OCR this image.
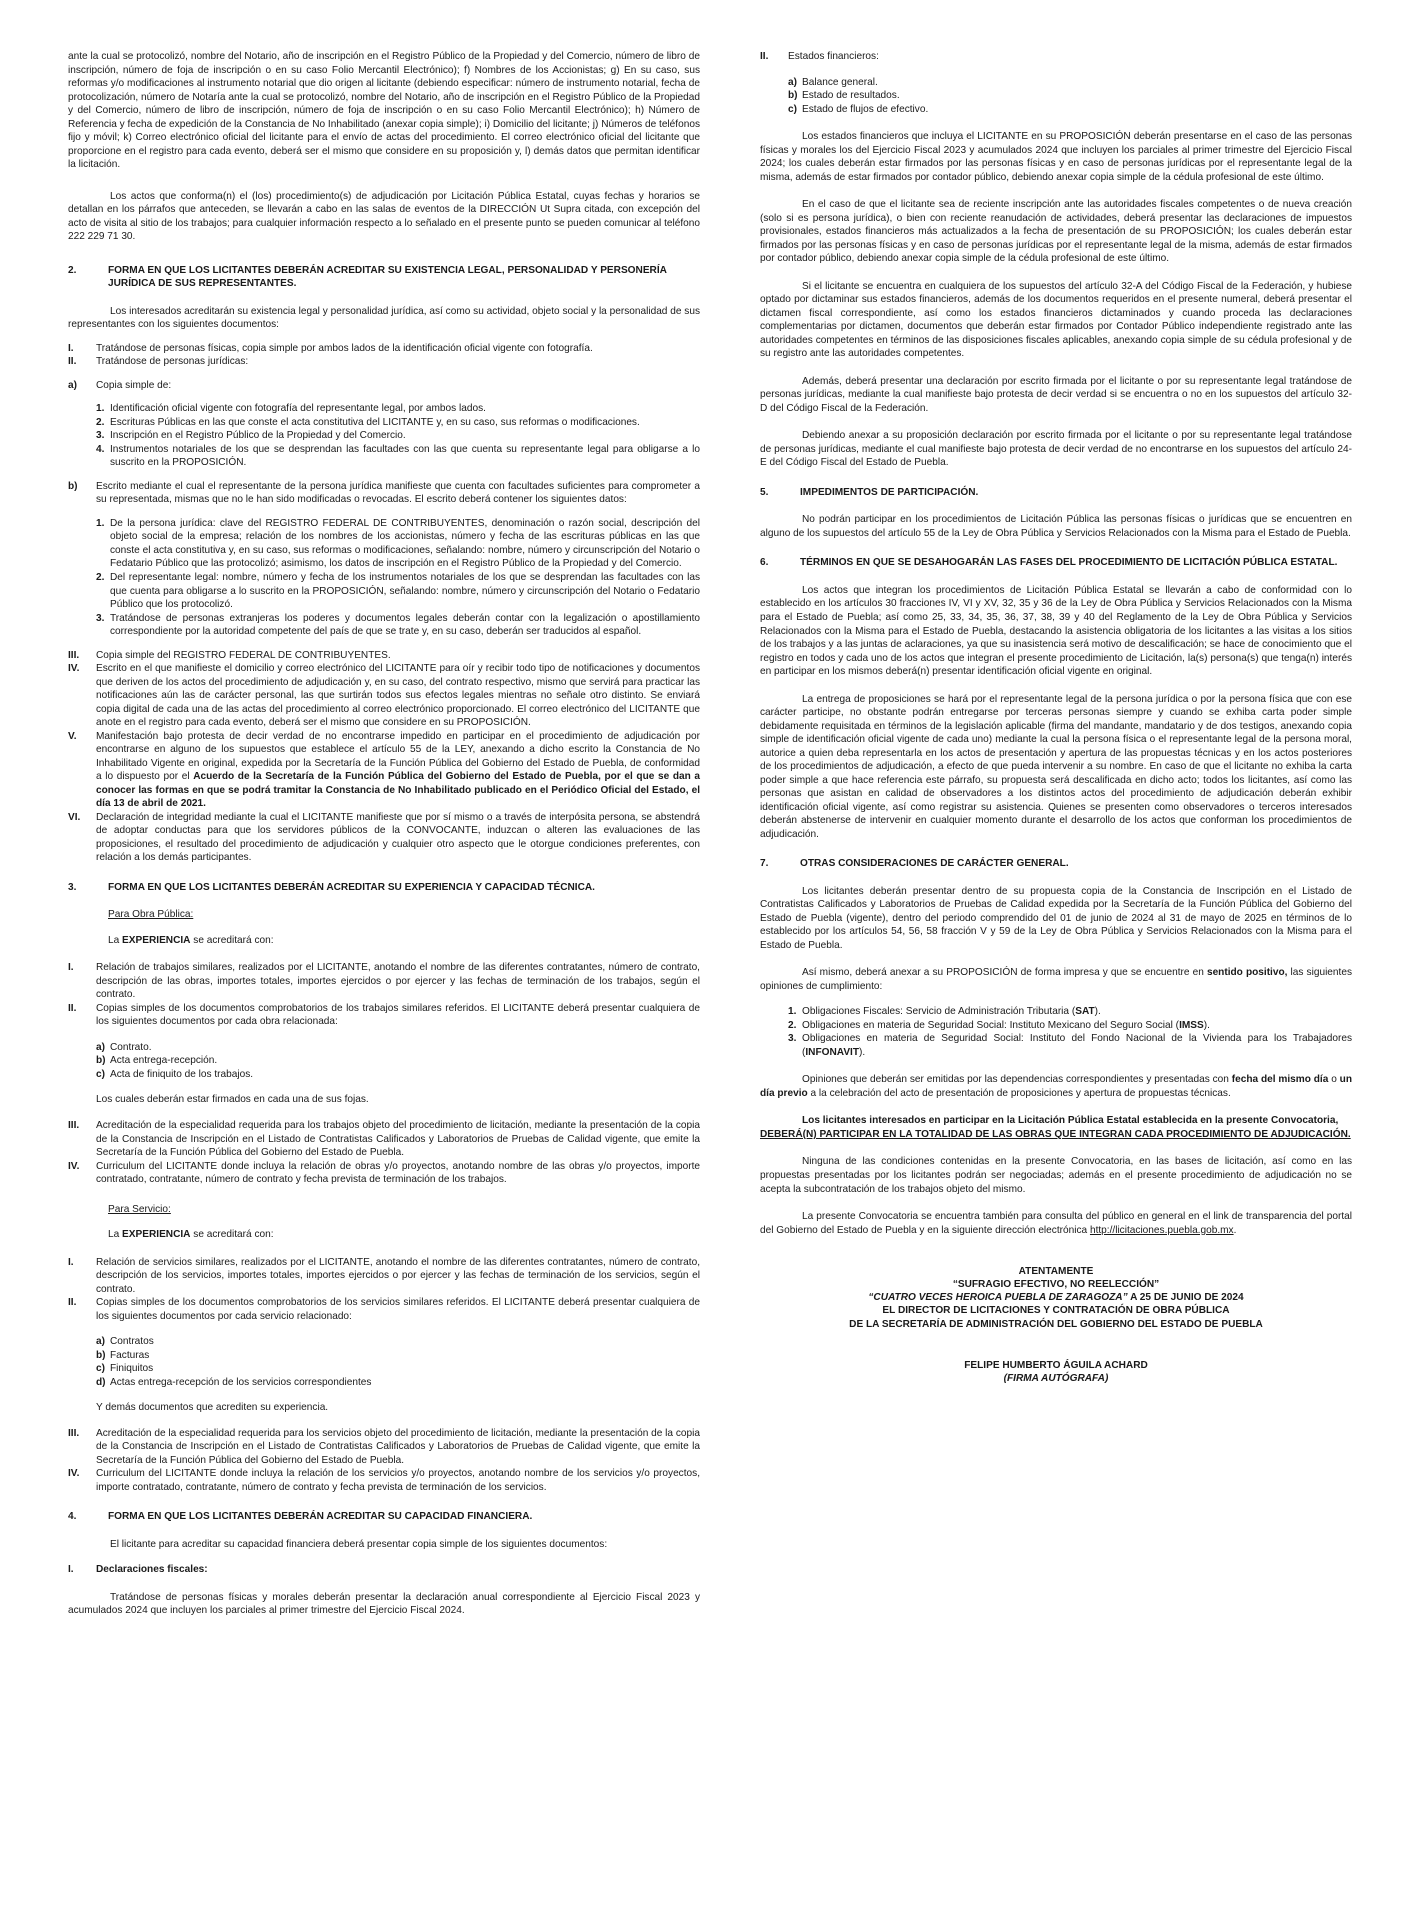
ante la cual se protocolizó, nombre del Notario, año de inscripción en el Registro Público de la Propiedad y del Comercio, número de libro de inscripción, número de foja de inscripción o en su caso Folio Mercantil Electrónico); f) Nombres de los Accionistas; g) En su caso, sus reformas y/o modificaciones al instrumento notarial que dio origen al licitante (debiendo especificar: número de instrumento notarial, fecha de protocolización, número de Notaría ante la cual se protocolizó, nombre del Notario, año de inscripción en el Registro Público de la Propiedad y del Comercio, número de libro de inscripción, número de foja de inscripción o en su caso Folio Mercantil Electrónico); h) Número de Referencia y fecha de expedición de la Constancia de No Inhabilitado (anexar copia simple); i) Domicilio del licitante; j) Números de teléfonos fijo y móvil; k) Correo electrónico oficial del licitante para el envío de actas del procedimiento. El correo electrónico oficial del licitante que proporcione en el registro para cada evento, deberá ser el mismo que considere en su proposición y, l) demás datos que permitan identificar la licitación.

Los actos que conforma(n) el (los) procedimiento(s) de adjudicación por Licitación Pública Estatal, cuyas fechas y horarios se detallan en los párrafos que anteceden, se llevarán a cabo en las salas de eventos de la DIRECCIÓN Ut Supra citada, con excepción del acto de visita al sitio de los trabajos; para cualquier información respecto a lo señalado en el presente punto se pueden comunicar al teléfono 222 229 71 30.

2.	FORMA EN QUE LOS LICITANTES DEBERÁN ACREDITAR SU EXISTENCIA LEGAL, PERSONALIDAD Y PERSONERÍA JURÍDICA DE SUS REPRESENTANTES.

Los interesados acreditarán su existencia legal y personalidad jurídica, así como su actividad, objeto social y la personalidad de sus representantes con los siguientes documentos:

I.	Tratándose de personas físicas, copia simple por ambos lados de la identificación oficial vigente con fotografía.
II.	Tratándose de personas jurídicas:
a)	Copia simple de:
1. Identificación oficial vigente con fotografía del representante legal, por ambos lados.
2. Escrituras Públicas en las que conste el acta constitutiva del LICITANTE y, en su caso, sus reformas o modificaciones.
3. Inscripción en el Registro Público de la Propiedad y del Comercio.
4. Instrumentos notariales de los que se desprendan las facultades con las que cuenta su representante legal para obligarse a lo suscrito en la PROPOSICIÓN.
b)	Escrito mediante el cual el representante de la persona jurídica manifieste que cuenta con facultades suficientes para comprometer a su representada, mismas que no le han sido modificadas o revocadas. El escrito deberá contener los siguientes datos:
1. De la persona jurídica: clave del REGISTRO FEDERAL DE CONTRIBUYENTES, denominación o razón social, descripción del objeto social de la empresa; relación de los nombres de los accionistas, número y fecha de las escrituras públicas en las que conste el acta constitutiva y, en su caso, sus reformas o modificaciones, señalando: nombre, número y circunscripción del Notario o Fedatario Público que las protocolizó; asimismo, los datos de inscripción en el Registro Público de la Propiedad y del Comercio.
2. Del representante legal: nombre, número y fecha de los instrumentos notariales de los que se desprendan las facultades con las que cuenta para obligarse a lo suscrito en la PROPOSICIÓN, señalando: nombre, número y circunscripción del Notario o Fedatario Público que los protocolizó.
3. Tratándose de personas extranjeras los poderes y documentos legales deberán contar con la legalización o apostillamiento correspondiente por la autoridad competente del país de que se trate y, en su caso, deberán ser traducidos al español.
III.	Copia simple del REGISTRO FEDERAL DE CONTRIBUYENTES.
IV.	Escrito en el que manifieste el domicilio y correo electrónico del LICITANTE para oír y recibir todo tipo de notificaciones y documentos que deriven de los actos del procedimiento de adjudicación y, en su caso, del contrato respectivo, mismo que servirá para practicar las notificaciones aún las de carácter personal, las que surtirán todos sus efectos legales mientras no señale otro distinto. Se enviará copia digital de cada una de las actas del procedimiento al correo electrónico proporcionado. El correo electrónico del LICITANTE que anote en el registro para cada evento, deberá ser el mismo que considere en su PROPOSICIÓN.
V.	Manifestación bajo protesta de decir verdad de no encontrarse impedido en participar en el procedimiento de adjudicación por encontrarse en alguno de los supuestos que establece el artículo 55 de la LEY, anexando a dicho escrito la Constancia de No Inhabilitado Vigente en original, expedida por la Secretaría de la Función Pública del Gobierno del Estado de Puebla, de conformidad a lo dispuesto por el Acuerdo de la Secretaría de la Función Pública del Gobierno del Estado de Puebla, por el que se dan a conocer las formas en que se podrá tramitar la Constancia de No Inhabilitado publicado en el Periódico Oficial del Estado, el día 13 de abril de 2021.
VI.	Declaración de integridad mediante la cual el LICITANTE manifieste que por sí mismo o a través de interpósita persona, se abstendrá de adoptar conductas para que los servidores públicos de la CONVOCANTE, induzcan o alteren las evaluaciones de las proposiciones, el resultado del procedimiento de adjudicación y cualquier otro aspecto que le otorgue condiciones preferentes, con relación a los demás participantes.
3.	FORMA EN QUE LOS LICITANTES DEBERÁN ACREDITAR SU EXPERIENCIA Y CAPACIDAD TÉCNICA.
Para Obra Pública:
La EXPERIENCIA se acreditará con:
I.	Relación de trabajos similares, realizados por el LICITANTE, anotando el nombre de las diferentes contratantes, número de contrato, descripción de las obras, importes totales, importes ejercidos o por ejercer y las fechas de terminación de los trabajos, según el contrato.
II.	Copias simples de los documentos comprobatorios de los trabajos similares referidos. El LICITANTE deberá presentar cualquiera de los siguientes documentos por cada obra relacionada:
a) Contrato.
b) Acta entrega-recepción.
c) Acta de finiquito de los trabajos.
Los cuales deberán estar firmados en cada una de sus fojas.
III.	Acreditación de la especialidad requerida para los trabajos objeto del procedimiento de licitación, mediante la presentación de la copia de la Constancia de Inscripción en el Listado de Contratistas Calificados y Laboratorios de Pruebas de Calidad vigente, que emite la Secretaría de la Función Pública del Gobierno del Estado de Puebla.
IV.	Curriculum del LICITANTE donde incluya la relación de obras y/o proyectos, anotando nombre de las obras y/o proyectos, importe contratado, contratante, número de contrato y fecha prevista de terminación de los trabajos.
Para Servicio:
La EXPERIENCIA se acreditará con:
I.	Relación de servicios similares, realizados por el LICITANTE, anotando el nombre de las diferentes contratantes, número de contrato, descripción de los servicios, importes totales, importes ejercidos o por ejercer y las fechas de terminación de los servicios, según el contrato.
II.	Copias simples de los documentos comprobatorios de los servicios similares referidos. El LICITANTE deberá presentar cualquiera de los siguientes documentos por cada servicio relacionado:
a) Contratos
b) Facturas
c) Finiquitos
d) Actas entrega-recepción de los servicios correspondientes
Y demás documentos que acrediten su experiencia.
III.	Acreditación de la especialidad requerida para los servicios objeto del procedimiento de licitación, mediante la presentación de la copia de la Constancia de Inscripción en el Listado de Contratistas Calificados y Laboratorios de Pruebas de Calidad vigente, que emite la Secretaría de la Función Pública del Gobierno del Estado de Puebla.
IV.	Curriculum del LICITANTE donde incluya la relación de los servicios y/o proyectos, anotando nombre de los servicios y/o proyectos, importe contratado, contratante, número de contrato y fecha prevista de terminación de los servicios.
4.	FORMA EN QUE LOS LICITANTES DEBERÁN ACREDITAR SU CAPACIDAD FINANCIERA.

El licitante para acreditar su capacidad financiera deberá presentar copia simple de los siguientes documentos:

I.	Declaraciones fiscales:

Tratándose de personas físicas y morales deberán presentar la declaración anual correspondiente al Ejercicio Fiscal 2023 y acumulados 2024 que incluyen los parciales al primer trimestre del Ejercicio Fiscal 2024.

II.	Estados financieros:
a) Balance general.
b) Estado de resultados.
c) Estado de flujos de efectivo.

Los estados financieros que incluya el LICITANTE en su PROPOSICIÓN deberán presentarse en el caso de las personas físicas y morales los del Ejercicio Fiscal 2023 y acumulados 2024 que incluyen los parciales al primer trimestre del Ejercicio Fiscal 2024; los cuales deberán estar firmados por las personas físicas y en caso de personas jurídicas por el representante legal de la misma, además de estar firmados por contador público, debiendo anexar copia simple de la cédula profesional de este último.

En el caso de que el licitante sea de reciente inscripción ante las autoridades fiscales competentes o de nueva creación (solo si es persona jurídica), o bien con reciente reanudación de actividades, deberá presentar las declaraciones de impuestos provisionales, estados financieros más actualizados a la fecha de presentación de su PROPOSICIÓN; los cuales deberán estar firmados por las personas físicas y en caso de personas jurídicas por el representante legal de la misma, además de estar firmados por contador público, debiendo anexar copia simple de la cédula profesional de este último.

Si el licitante se encuentra en cualquiera de los supuestos del artículo 32-A del Código Fiscal de la Federación, y hubiese optado por dictaminar sus estados financieros, además de los documentos requeridos en el presente numeral, deberá presentar el dictamen fiscal correspondiente, así como los estados financieros dictaminados y cuando proceda las declaraciones complementarias por dictamen, documentos que deberán estar firmados por Contador Público independiente registrado ante las autoridades competentes en términos de las disposiciones fiscales aplicables, anexando copia simple de su cédula profesional y de su registro ante las autoridades competentes.

Además, deberá presentar una declaración por escrito firmada por el licitante o por su representante legal tratándose de personas jurídicas, mediante la cual manifieste bajo protesta de decir verdad si se encuentra o no en los supuestos del artículo 32-D del Código Fiscal de la Federación.

Debiendo anexar a su proposición declaración por escrito firmada por el licitante o por su representante legal tratándose de personas jurídicas, mediante el cual manifieste bajo protesta de decir verdad de no encontrarse en los supuestos del artículo 24-E del Código Fiscal del Estado de Puebla.

5.	IMPEDIMENTOS DE PARTICIPACIÓN.

No podrán participar en los procedimientos de Licitación Pública las personas físicas o jurídicas que se encuentren en alguno de los supuestos del artículo 55 de la Ley de Obra Pública y Servicios Relacionados con la Misma para el Estado de Puebla.

6.	TÉRMINOS EN QUE SE DESAHOGARÁN LAS FASES DEL PROCEDIMIENTO DE LICITACIÓN PÚBLICA ESTATAL.

Los actos que integran los procedimientos de Licitación Pública Estatal se llevarán a cabo de conformidad con lo establecido en los artículos 30 fracciones IV, VI y XV, 32, 35 y 36 de la Ley de Obra Pública y Servicios Relacionados con la Misma para el Estado de Puebla; así como 25, 33, 34, 35, 36, 37, 38, 39 y 40 del Reglamento de la Ley de Obra Pública y Servicios Relacionados con la Misma para el Estado de Puebla, destacando la asistencia obligatoria de los licitantes a las visitas a los sitios de los trabajos y a las juntas de aclaraciones, ya que su inasistencia será motivo de descalificación; se hace de conocimiento que el registro en todos y cada uno de los actos que integran el presente procedimiento de Licitación, la(s) persona(s) que tenga(n) interés en participar en los mismos deberá(n) presentar identificación oficial vigente en original.

La entrega de proposiciones se hará por el representante legal de la persona jurídica o por la persona física que con ese carácter participe, no obstante podrán entregarse por terceras personas siempre y cuando se exhiba carta poder simple debidamente requisitada en términos de la legislación aplicable (firma del mandante, mandatario y de dos testigos, anexando copia simple de identificación oficial vigente de cada uno) mediante la cual la persona física o el representante legal de la persona moral, autorice a quien deba representarla en los actos de presentación y apertura de las propuestas técnicas y en los actos posteriores de los procedimientos de adjudicación, a efecto de que pueda intervenir a su nombre. En caso de que el licitante no exhiba la carta poder simple a que hace referencia este párrafo, su propuesta será descalificada en dicho acto; todos los licitantes, así como las personas que asistan en calidad de observadores a los distintos actos del procedimiento de adjudicación deberán exhibir identificación oficial vigente, así como registrar su asistencia. Quienes se presenten como observadores o terceros interesados deberán abstenerse de intervenir en cualquier momento durante el desarrollo de los actos que conforman los procedimientos de adjudicación.

7.	OTRAS CONSIDERACIONES DE CARÁCTER GENERAL.

Los licitantes deberán presentar dentro de su propuesta copia de la Constancia de Inscripción en el Listado de Contratistas Calificados y Laboratorios de Pruebas de Calidad expedida por la Secretaría de la Función Pública del Gobierno del Estado de Puebla (vigente), dentro del periodo comprendido del 01 de junio de 2024 al 31 de mayo de 2025 en términos de lo establecido por los artículos 54, 56, 58 fracción V y 59 de la Ley de Obra Pública y Servicios Relacionados con la Misma para el Estado de Puebla.

Así mismo, deberá anexar a su PROPOSICIÓN de forma impresa y que se encuentre en sentido positivo, las siguientes opiniones de cumplimiento:

1. Obligaciones Fiscales: Servicio de Administración Tributaria (SAT).
2. Obligaciones en materia de Seguridad Social: Instituto Mexicano del Seguro Social (IMSS).
3. Obligaciones en materia de Seguridad Social: Instituto del Fondo Nacional de la Vivienda para los Trabajadores (INFONAVIT).

Opiniones que deberán ser emitidas por las dependencias correspondientes y presentadas con fecha del mismo día o un día previo a la celebración del acto de presentación de proposiciones y apertura de propuestas técnicas.

Los licitantes interesados en participar en la Licitación Pública Estatal establecida en la presente Convocatoria,
DEBERÁ(N) PARTICIPAR EN LA TOTALIDAD DE LAS OBRAS QUE INTEGRAN CADA PROCEDIMIENTO DE ADJUDICACIÓN.

Ninguna de las condiciones contenidas en la presente Convocatoria, en las bases de licitación, así como en las propuestas presentadas por los licitantes podrán ser negociadas; además en el presente procedimiento de adjudicación no se acepta la subcontratación de los trabajos objeto del mismo.

La presente Convocatoria se encuentra también para consulta del público en general en el link de transparencia del portal del Gobierno del Estado de Puebla y en la siguiente dirección electrónica http://licitaciones.puebla.gob.mx.

ATENTAMENTE
“SUFRAGIO EFECTIVO, NO REELECCIÓN”
“CUATRO VECES HEROICA PUEBLA DE ZARAGOZA” A 25 DE JUNIO DE 2024
EL DIRECTOR DE LICITACIONES Y CONTRATACIÓN DE OBRA PÚBLICA
DE LA SECRETARÍA DE ADMINISTRACIÓN DEL GOBIERNO DEL ESTADO DE PUEBLA
FELIPE HUMBERTO ÁGUILA ACHARD
(FIRMA AUTÓGRAFA)
